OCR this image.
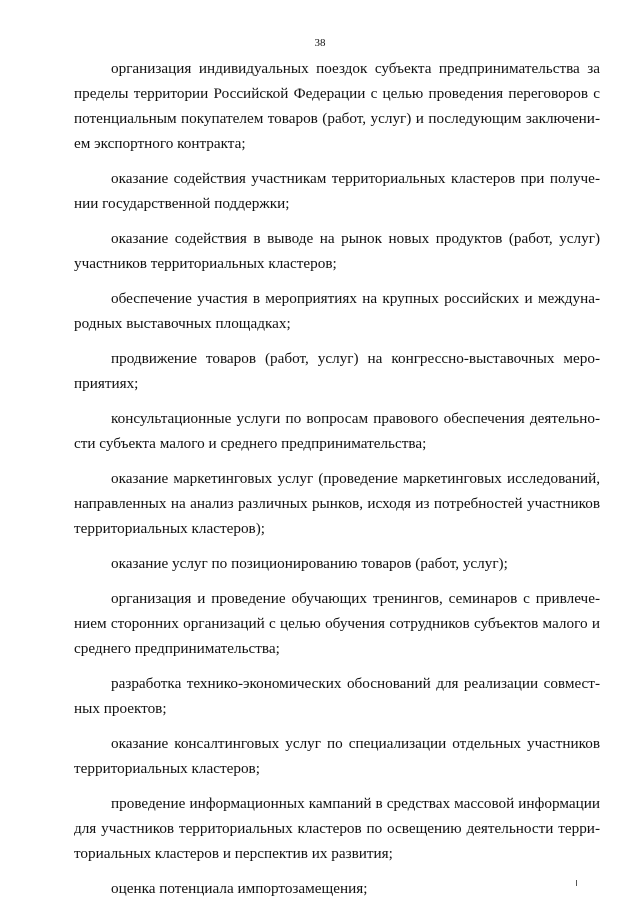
38

организация индивидуальных поездок субъекта предпринимательства за пределы территории Российской Федерации с целью проведения переговоров с потенциальным покупателем товаров (работ, услуг) и последующим заключением экспортного контракта;

оказание содействия участникам территориальных кластеров при получении государственной поддержки;

оказание содействия в выводе на рынок новых продуктов (работ, услуг) участников территориальных кластеров;

обеспечение участия в мероприятиях на крупных российских и международных выставочных площадках;

продвижение товаров (работ, услуг) на конгрессно-выставочных мероприятиях;

консультационные услуги по вопросам правового обеспечения деятельности субъекта малого и среднего предпринимательства;

оказание маркетинговых услуг (проведение маркетинговых исследований, направленных на анализ различных рынков, исходя из потребностей участников территориальных кластеров);

оказание услуг по позиционированию товаров (работ, услуг);

организация и проведение обучающих тренингов, семинаров с привлечением сторонних организаций с целью обучения сотрудников субъектов малого и среднего предпринимательства;

разработка технико-экономических обоснований для реализации совместных проектов;

оказание консалтинговых услуг по специализации отдельных участников территориальных кластеров;

проведение информационных кампаний в средствах массовой информации для участников территориальных кластеров по освещению деятельности территориальных кластеров и перспектив их развития;

оценка потенциала импортозамещения;
